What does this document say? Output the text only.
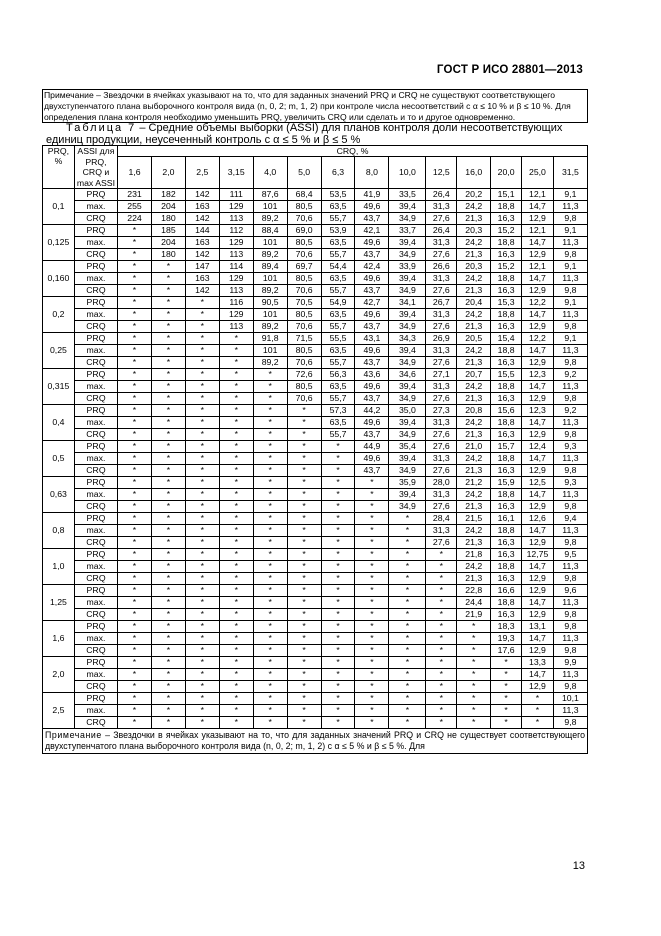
ГОСТ Р ИСО 28801—2013
Примечание – Звездочки в ячейках указывают на то, что для заданных значений PRQ и CRQ не существуют соответствующего
двухступенчатого плана выборочного контроля вида (n, 0, 2; m, 1, 2) при контроле числа несоответствий с α ≤ 10 % и β ≤ 10 %. Для
определения плана контроля необходимо уменьшить PRQ, увеличить CRQ или сделать и то и другое одновременно.
Таблица 7 – Средние объемы выборки (ASSI) для планов контроля доли несоответствующих
единиц продукции, неусеченный контроль с α ≤ 5 % и β ≤ 5 %
PRQ, %	ASSI для PRQ, CRQ и max ASSI	CRQ, %													
		1,6	2,0	2,5	3,15	4,0	5,0	6,3	8,0	10,0	12,5	16,0	20,0	25,0	31,5
0,1	PRQ	231	182	142	111	87,6	68,4	53,5	41,9	33,5	26,4	20,2	15,1	12,1	9,1
	max.	255	204	163	129	101	80,5	63,5	49,6	39,4	31,3	24,2	18,8	14,7	11,3
	CRQ	224	180	142	113	89,2	70,6	55,7	43,7	34,9	27,6	21,3	16,3	12,9	9,8
0,125	PRQ	*	185	144	112	88,4	69,0	53,9	42,1	33,7	26,4	20,3	15,2	12,1	9,1
	max.	*	204	163	129	101	80,5	63,5	49,6	39,4	31,3	24,2	18,8	14,7	11,3
	CRQ	*	180	142	113	89,2	70,6	55,7	43,7	34,9	27,6	21,3	16,3	12,9	9,8
0,160	PRQ	*	*	147	114	89,4	69,7	54,4	42,4	33,9	26,6	20,3	15,2	12,1	9,1
	max.	*	*	163	129	101	80,5	63,5	49,6	39,4	31,3	24,2	18,8	14,7	11,3
	CRQ	*	*	142	113	89,2	70,6	55,7	43,7	34,9	27,6	21,3	16,3	12,9	9,8
0,2	PRQ	*	*	*	116	90,5	70,5	54,9	42,7	34,1	26,7	20,4	15,3	12,2	9,1
	max.	*	*	*	129	101	80,5	63,5	49,6	39,4	31,3	24,2	18,8	14,7	11,3
	CRQ	*	*	*	113	89,2	70,6	55,7	43,7	34,9	27,6	21,3	16,3	12,9	9,8
0,25	PRQ	*	*	*	*	91,8	71,5	55,5	43,1	34,3	26,9	20,5	15,4	12,2	9,1
	max.	*	*	*	*	101	80,5	63,5	49,6	39,4	31,3	24,2	18,8	14,7	11,3
	CRQ	*	*	*	*	89,2	70,6	55,7	43,7	34,9	27,6	21,3	16,3	12,9	9,8
0,315	PRQ	*	*	*	*	*	72,6	56,3	43,6	34,6	27,1	20,7	15,5	12,3	9,2
	max.	*	*	*	*	*	80,5	63,5	49,6	39,4	31,3	24,2	18,8	14,7	11,3
	CRQ	*	*	*	*	*	70,6	55,7	43,7	34,9	27,6	21,3	16,3	12,9	9,8
0,4	PRQ	*	*	*	*	*	*	57,3	44,2	35,0	27,3	20,8	15,6	12,3	9,2
	max.	*	*	*	*	*	*	63,5	49,6	39,4	31,3	24,2	18,8	14,7	11,3
	CRQ	*	*	*	*	*	*	55,7	43,7	34,9	27,6	21,3	16,3	12,9	9,8
0,5	PRQ	*	*	*	*	*	*	*	44,9	35,4	27,6	21,0	15,7	12,4	9,3
	max.	*	*	*	*	*	*	*	49,6	39,4	31,3	24,2	18,8	14,7	11,3
	CRQ	*	*	*	*	*	*	*	43,7	34,9	27,6	21,3	16,3	12,9	9,8
0,63	PRQ	*	*	*	*	*	*	*	*	35,9	28,0	21,2	15,9	12,5	9,3
	max.	*	*	*	*	*	*	*	*	39,4	31,3	24,2	18,8	14,7	11,3
	CRQ	*	*	*	*	*	*	*	*	34,9	27,6	21,3	16,3	12,9	9,8
0,8	PRQ	*	*	*	*	*	*	*	*	*	28,4	21,5	16,1	12,6	9,4
	max.	*	*	*	*	*	*	*	*	*	31,3	24,2	18,8	14,7	11,3
	CRQ	*	*	*	*	*	*	*	*	*	27,6	21,3	16,3	12,9	9,8
1,0	PRQ	*	*	*	*	*	*	*	*	*	*	21,8	16,3	12,75	9,5
	max.	*	*	*	*	*	*	*	*	*	*	24,2	18,8	14,7	11,3
	CRQ	*	*	*	*	*	*	*	*	*	*	21,3	16,3	12,9	9,8
1,25	PRQ	*	*	*	*	*	*	*	*	*	*	22,8	16,6	12,9	9,6
	max.	*	*	*	*	*	*	*	*	*	*	24,4	18,8	14,7	11,3
	CRQ	*	*	*	*	*	*	*	*	*	*	21,9	16,3	12,9	9,8
1,6	PRQ	*	*	*	*	*	*	*	*	*	*	*	18,3	13,1	9,8
	max.	*	*	*	*	*	*	*	*	*	*	*	19,3	14,7	11,3
	CRQ	*	*	*	*	*	*	*	*	*	*	*	17,6	12,9	9,8
2,0	PRQ	*	*	*	*	*	*	*	*	*	*	*	*	13,3	9,9
	max.	*	*	*	*	*	*	*	*	*	*	*	*	14,7	11,3
	CRQ	*	*	*	*	*	*	*	*	*	*	*	*	12,9	9,8
2,5	PRQ	*	*	*	*	*	*	*	*	*	*	*	*	*	10,1
	max.	*	*	*	*	*	*	*	*	*	*	*	*	*	11,3
	CRQ	*	*	*	*	*	*	*	*	*	*	*	*	*	9,8
Примечание – Звездочки в ячейках указывают на то, что для заданных значений PRQ и CRQ не существует соответствующего двухступенчатого плана выборочного контроля вида (n, 0, 2; m, 1, 2) с α ≤ 5 % и β ≤ 5 %. Для
13
